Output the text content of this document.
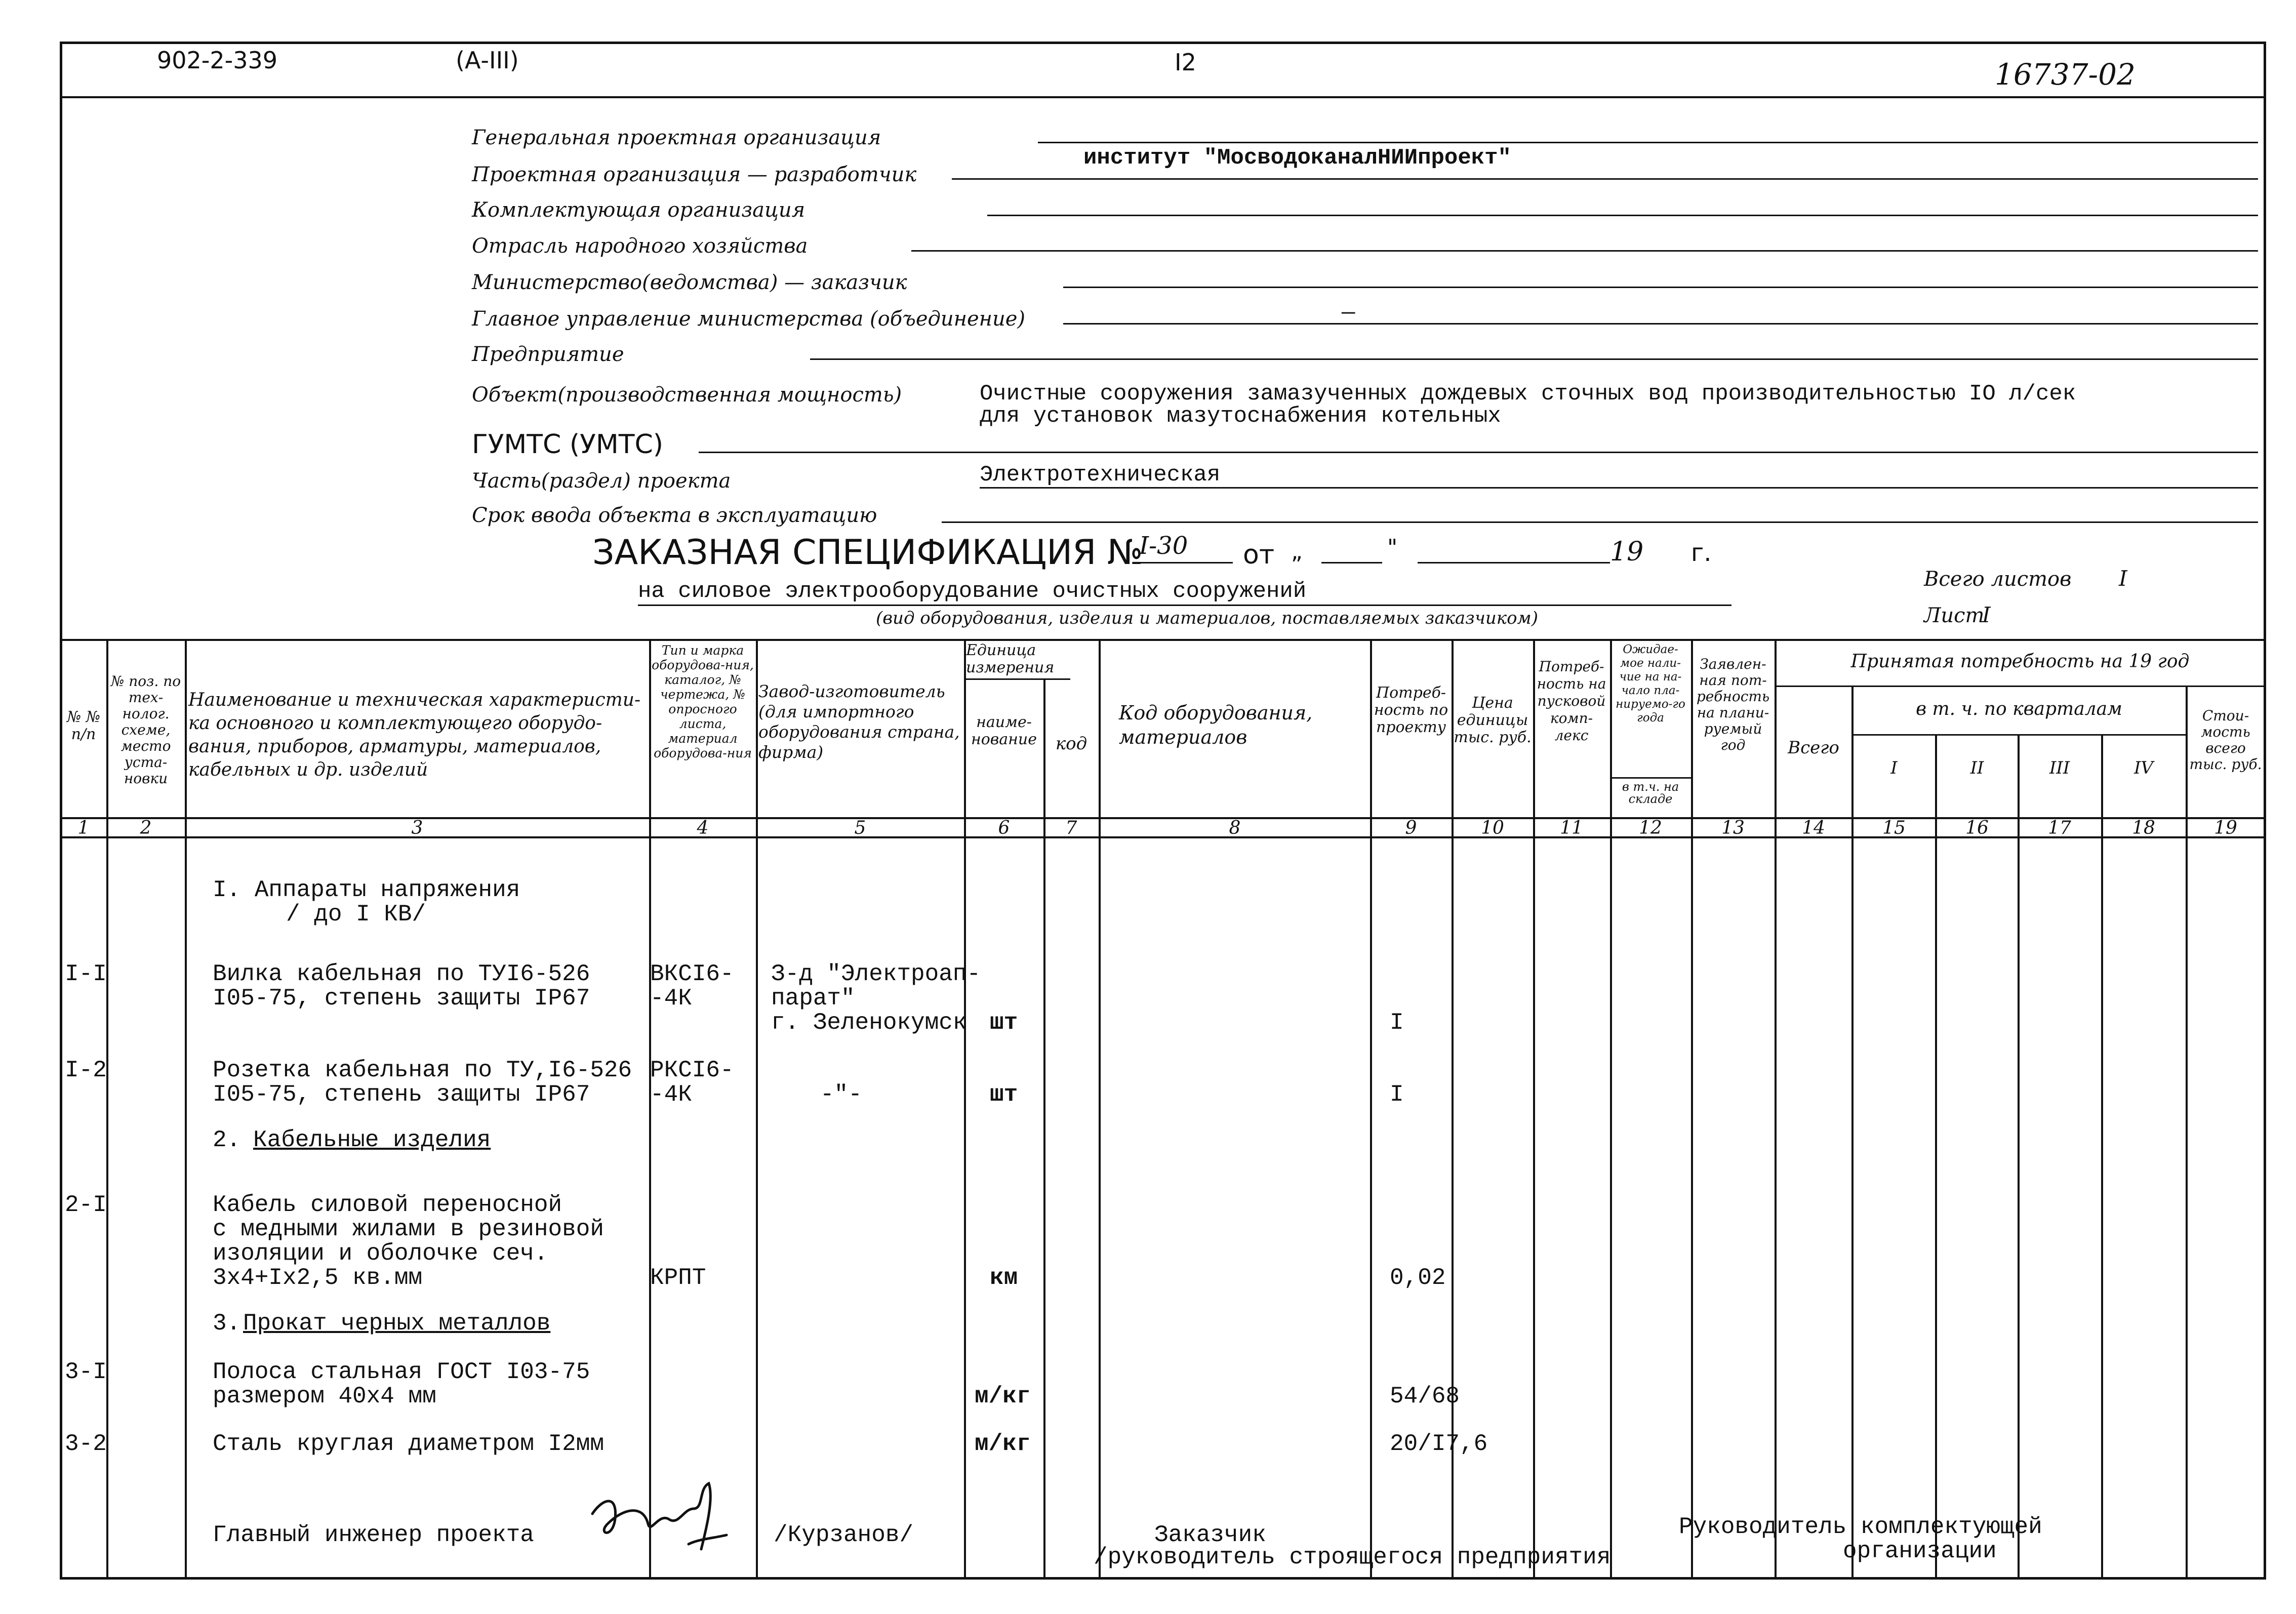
902-2-339	(А-III)	I2	16737-02
Генеральная проектная организация
Проектная организация — разработчик
институт "МосводоканалНИИпроект"
Комплектующая организация
Отрасль народного хозяйства
Министерство(ведомства) — заказчик
Главное управление министерства (объединение)	—
Предприятие
Объект(производственная мощность)	Очистные сооружения замазученных дождевых сточных вод производительностью IO л/сек
для установок мазутоснабжения котельных
ГУМТС (УМТС)
Часть(раздел) проекта	Электротехническая
Срок ввода объекта в эксплуатацию
ЗАКАЗНАЯ СПЕЦИФИКАЦИЯ №
I-30 от „	"	19 г.
на силовое электрооборудование очистных сооружений
(вид оборудования, изделия и материалов, поставляемых заказчиком)
Всего листов I
Лист
I
№ № п/п
№ поз. по тех-нолог. схеме, место уста-новки
Наименование и техническая характеристи-ка основного и комплектующего оборудо-вания, приборов, арматуры, материалов, кабельных и др. изделий
Тип и марка оборудова-ния, каталог, № чертежа, № опросного листа, материал оборудова-ния
Завод-изготовитель (для импортного оборудования страна, фирма)
Единица измерения
наиме-нование	код
Код оборудования, материалов
Потреб-ность по проекту
Цена единицы тыс. руб.
Потреб-ность на пусковой комп-лекс
Ожидае-мое нали-чие на на-чало пла-нируемо-го года
в т.ч. на складе
Заявлен-ная пот-ребность на плани-руемый год
Принятая потребность на 19 год
Всего
в т. ч. по кварталам
I	II	III	IV
Стои-мость всего тыс. руб.
1	2	3	4	5	6	7	8	9	10	11	12	13	14	15	16	17	18	19
I. Аппараты напряжения
/ до I КВ/
I-I	Вилка кабельная по ТУI6-526
I05-75, степень защиты IP67
ВКСI6-
-4К
З-д "Электроап-
парат"
г. Зеленокумск шт	I
I-2	Розетка кабельная по ТУ,I6-526
I05-75, степень защиты IP67
РКСI6-
-4К	-"-	шт	I
2. Кабельные изделия
2-I	Кабель силовой переносной
с медными жилами в резиновой
изоляции и оболочке сеч.
3х4+Iх2,5 кв.мм	КРПТ	км	0,02
3. Прокат черных металлов
3-I	Полоса стальная ГОСТ I03-75
размером 40х4 мм	м/кг	54/68
3-2	Сталь круглая диаметром I2мм	м/кг	20/I7,6
Главный инженер проекта	/Курзанов/	Заказчик
/руководитель строящегося предприятия
Руководитель комплектующей
организации
